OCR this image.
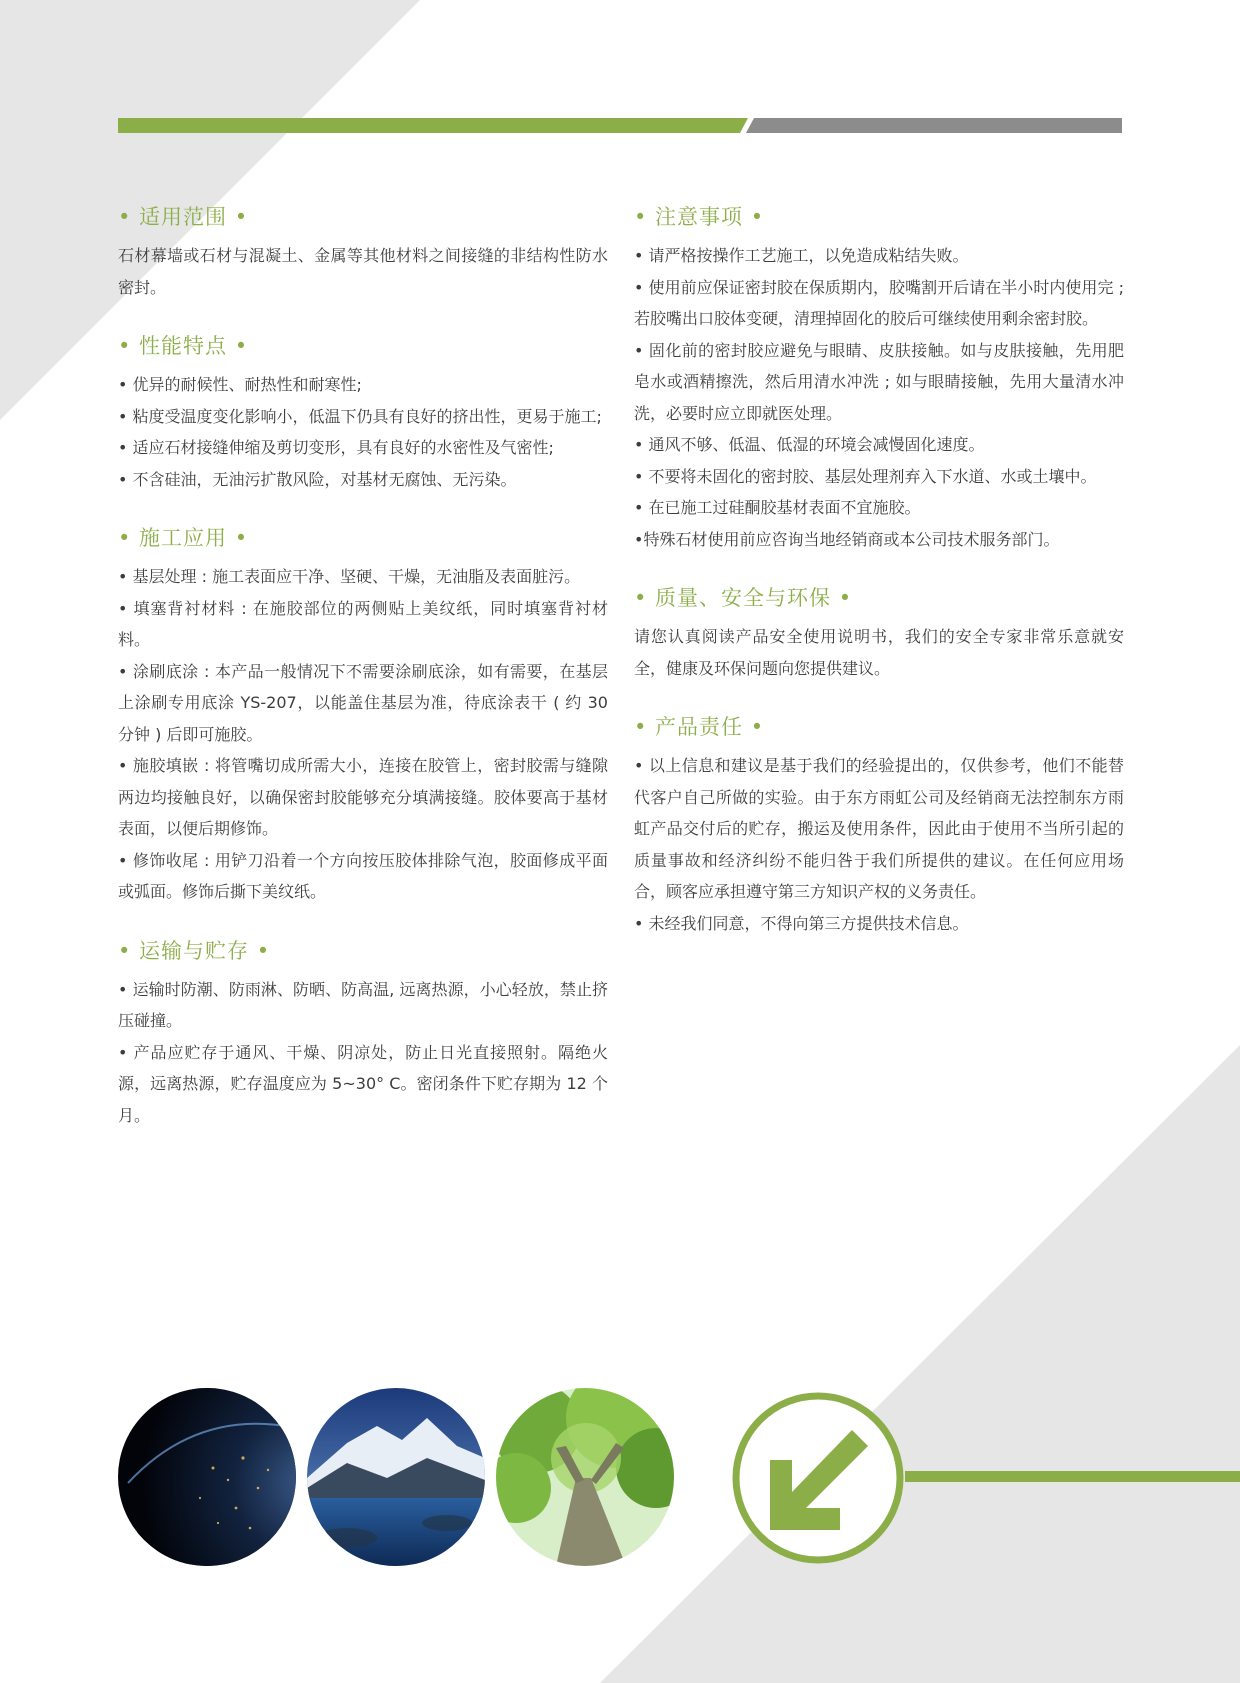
• 适用范围 •

石材幕墙或石材与混凝土、金属等其他材料之间接缝的非结构性防水密封。

• 性能特点 •

• 优异的耐候性、耐热性和耐寒性;

• 粘度受温度变化影响小，低温下仍具有良好的挤出性，更易于施工;

• 适应石材接缝伸缩及剪切变形，具有良好的水密性及气密性;

• 不含硅油，无油污扩散风险，对基材无腐蚀、无污染。

• 施工应用 •

• 基层处理 : 施工表面应干净、坚硬、干燥，无油脂及表面脏污。

• 填塞背衬材料 : 在施胶部位的两侧贴上美纹纸，同时填塞背衬材料。

• 涂刷底涂 : 本产品一般情况下不需要涂刷底涂，如有需要，在基层上涂刷专用底涂 YS-207，以能盖住基层为准，待底涂表干 ( 约 30 分钟 ) 后即可施胶。

• 施胶填嵌 : 将管嘴切成所需大小，连接在胶管上，密封胶需与缝隙两边均接触良好，以确保密封胶能够充分填满接缝。胶体要高于基材表面，以便后期修饰。

• 修饰收尾 : 用铲刀沿着一个方向按压胶体排除气泡，胶面修成平面或弧面。修饰后撕下美纹纸。

• 运输与贮存 •

• 运输时防潮、防雨淋、防晒、防高温, 远离热源，小心轻放，禁止挤压碰撞。

• 产品应贮存于通风、干燥、阴凉处，防止日光直接照射。隔绝火源，远离热源，贮存温度应为 5~30° C。密闭条件下贮存期为 12 个月。

• 注意事项 •

• 请严格按操作工艺施工，以免造成粘结失败。

• 使用前应保证密封胶在保质期内，胶嘴割开后请在半小时内使用完 ; 若胶嘴出口胶体变硬，清理掉固化的胶后可继续使用剩余密封胶。

• 固化前的密封胶应避免与眼睛、皮肤接触。如与皮肤接触，先用肥皂水或酒精擦洗，然后用清水冲洗 ; 如与眼睛接触，先用大量清水冲洗，必要时应立即就医处理。

• 通风不够、低温、低湿的环境会减慢固化速度。

• 不要将未固化的密封胶、基层处理剂弃入下水道、水或土壤中。

• 在已施工过硅酮胶基材表面不宜施胶。

•特殊石材使用前应咨询当地经销商或本公司技术服务部门。

• 质量、安全与环保 •

请您认真阅读产品安全使用说明书，我们的安全专家非常乐意就安全，健康及环保问题向您提供建议。

• 产品责任 •

• 以上信息和建议是基于我们的经验提出的，仅供参考，他们不能替代客户自己所做的实验。由于东方雨虹公司及经销商无法控制东方雨虹产品交付后的贮存，搬运及使用条件，因此由于使用不当所引起的质量事故和经济纠纷不能归咎于我们所提供的建议。在任何应用场合，顾客应承担遵守第三方知识产权的义务责任。

• 未经我们同意，不得向第三方提供技术信息。
